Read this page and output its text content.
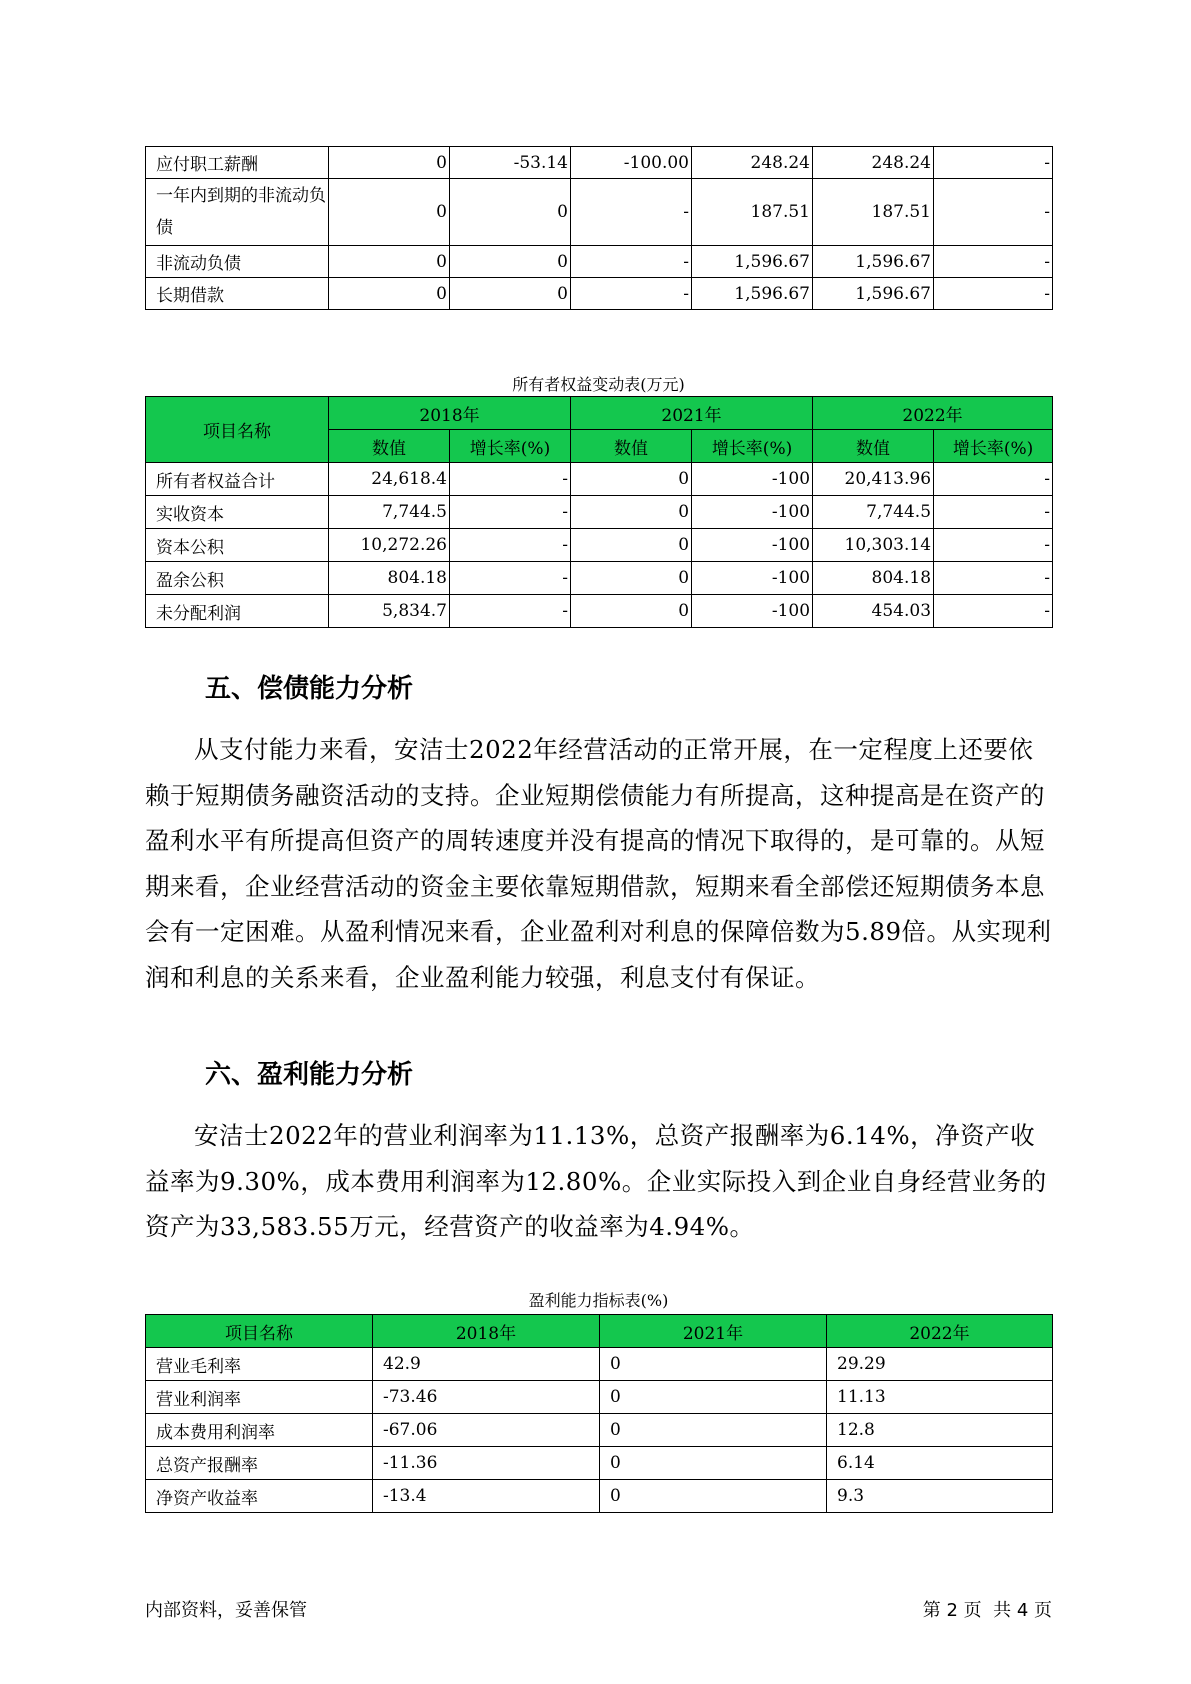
应付职工薪酬	0	-53.14	-100.00	248.24	248.24	-
一年内到期的非流动负债	0	0	-	187.51	187.51	-
非流动负债	0	0	-	1,596.67	1,596.67	-
长期借款	0	0	-	1,596.67	1,596.67	-
所有者权益变动表(万元)
项目名称	2018年		2021年		2022年	
	数值	增长率(%)	数值	增长率(%)	数值	增长率(%)
所有者权益合计	24,618.4	-	0	-100	20,413.96	-
实收资本	7,744.5	-	0	-100	7,744.5	-
资本公积	10,272.26	-	0	-100	10,303.14	-
盈余公积	804.18	-	0	-100	804.18	-
未分配利润	5,834.7	-	0	-100	454.03	-
五、偿债能力分析

从支付能力来看，安洁士2022年经营活动的正常开展，在一定程度上还要依赖于短期债务融资活动的支持。企业短期偿债能力有所提高，这种提高是在资产的盈利水平有所提高但资产的周转速度并没有提高的情况下取得的，是可靠的。从短期来看，企业经营活动的资金主要依靠短期借款，短期来看全部偿还短期债务本息会有一定困难。从盈利情况来看，企业盈利对利息的保障倍数为5.89倍。从实现利润和利息的关系来看，企业盈利能力较强，利息支付有保证。

六、盈利能力分析

安洁士2022年的营业利润率为11.13%，总资产报酬率为6.14%，净资产收益率为9.30%，成本费用利润率为12.80%。企业实际投入到企业自身经营业务的资产为33,583.55万元，经营资产的收益率为4.94%。

盈利能力指标表(%)
项目名称	2018年	2021年	2022年
营业毛利率	42.9	0	29.29
营业利润率	-73.46	0	11.13
成本费用利润率	-67.06	0	12.8
总资产报酬率	-11.36	0	6.14
净资产收益率	-13.4	0	9.3
内部资料，妥善保管	第 2 页  共 4 页
